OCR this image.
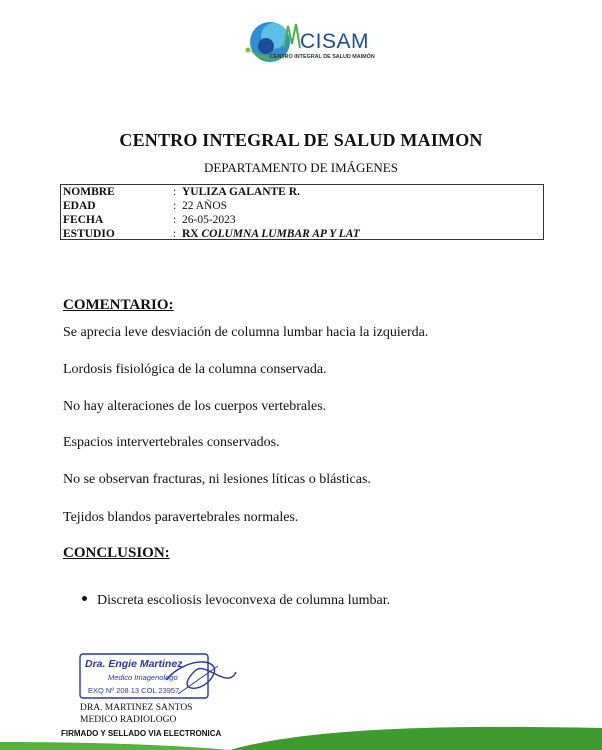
CISAM
CENTRO INTEGRAL DE SALUD MAIMÓN
CENTRO INTEGRAL DE SALUD MAIMON
DEPARTAMENTO DE IMÁGENES
NOMBRE	: YULIZA GALANTE R.
EDAD	: 22 AÑOS
FECHA	: 26-05-2023
ESTUDIO	: RX COLUMNA LUMBAR AP Y LAT
COMENTARIO:
Se aprecia leve desviación de columna lumbar hacia la izquierda.
Lordosis fisiológica de la columna conservada.
No hay alteraciones de los cuerpos vertebrales.
Espacios intervertebrales conservados.
No se observan fracturas, ni lesiones líticas o blásticas.
Tejidos blandos paravertebrales normales.
CONCLUSION:
Discreta escoliosis levoconvexa de columna lumbar.
Dra. Engie Martinez
Medico Imagenologo
EXQ Nº 208 13 COL 23957
DRA. MARTINEZ SANTOS
MEDICO RADIOLOGO
FIRMADO Y SELLADO VIA ELECTRONICA
